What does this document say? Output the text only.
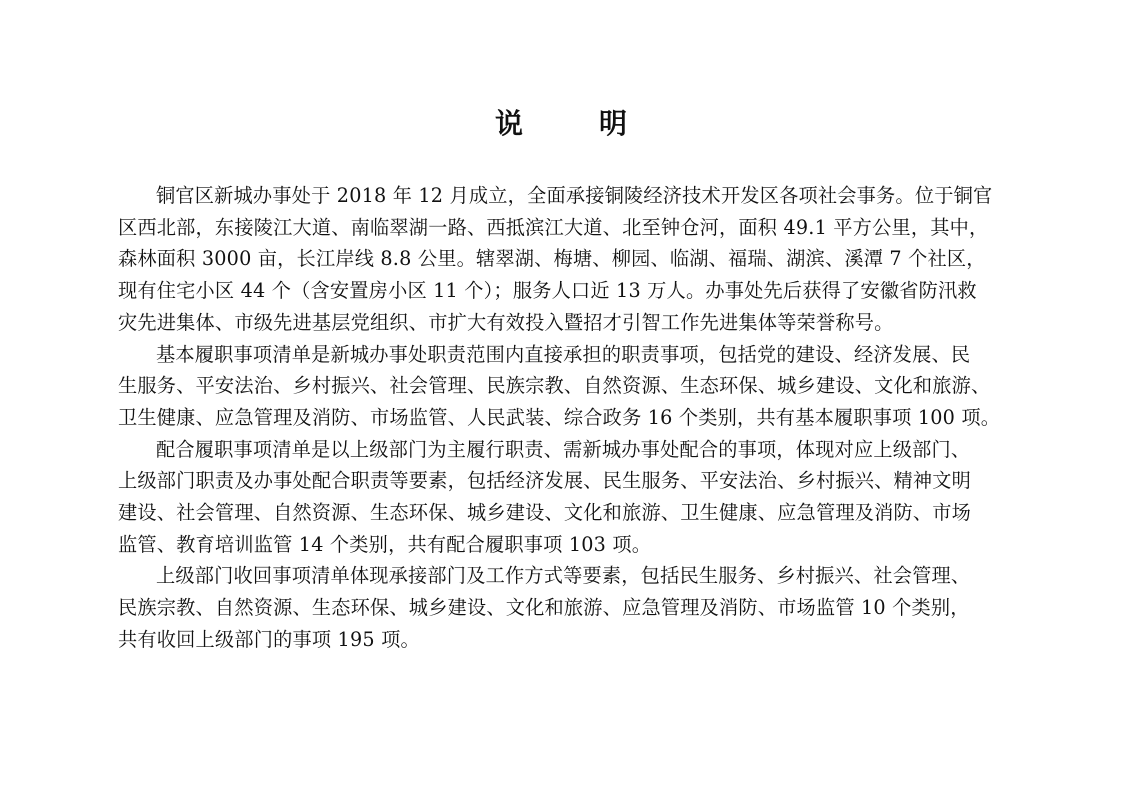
说　明
铜官区新城办事处于 2018 年 12 月成立，全面承接铜陵经济技术开发区各项社会事务。位于铜官
区西北部，东接陵江大道、南临翠湖一路、西抵滨江大道、北至钟仓河，面积 49.1 平方公里，其中，
森林面积 3000 亩，长江岸线 8.8 公里。辖翠湖、梅塘、柳园、临湖、福瑞、湖滨、溪潭 7 个社区，
现有住宅小区 44 个（含安置房小区 11 个）；服务人口近 13 万人。办事处先后获得了安徽省防汛救
灾先进集体、市级先进基层党组织、市扩大有效投入暨招才引智工作先进集体等荣誉称号。
基本履职事项清单是新城办事处职责范围内直接承担的职责事项，包括党的建设、经济发展、民
生服务、平安法治、乡村振兴、社会管理、民族宗教、自然资源、生态环保、城乡建设、文化和旅游、
卫生健康、应急管理及消防、市场监管、人民武装、综合政务 16 个类别，共有基本履职事项 100 项。
配合履职事项清单是以上级部门为主履行职责、需新城办事处配合的事项，体现对应上级部门、
上级部门职责及办事处配合职责等要素，包括经济发展、民生服务、平安法治、乡村振兴、精神文明
建设、社会管理、自然资源、生态环保、城乡建设、文化和旅游、卫生健康、应急管理及消防、市场
监管、教育培训监管 14 个类别，共有配合履职事项 103 项。
上级部门收回事项清单体现承接部门及工作方式等要素，包括民生服务、乡村振兴、社会管理、
民族宗教、自然资源、生态环保、城乡建设、文化和旅游、应急管理及消防、市场监管 10 个类别，
共有收回上级部门的事项 195 项。
